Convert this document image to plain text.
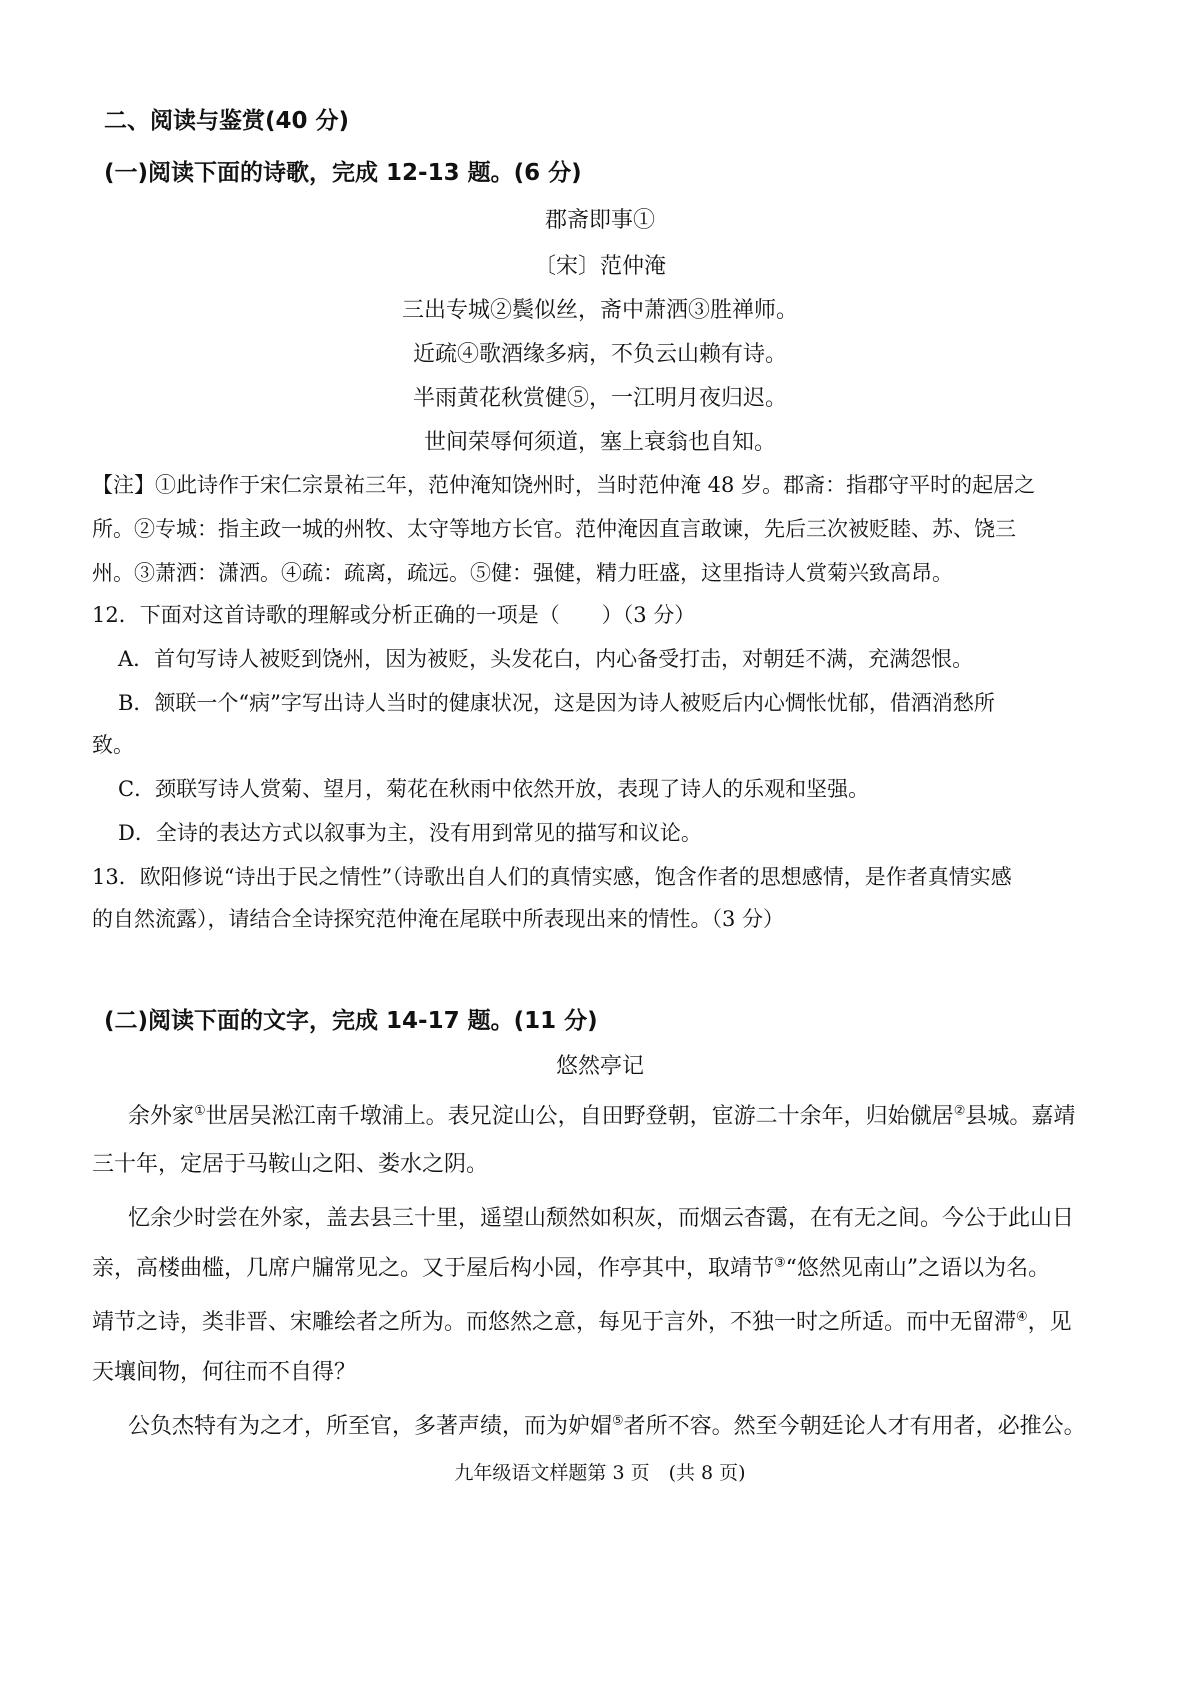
二、阅读与鉴赏(40 分)
(一)阅读下面的诗歌，完成 12-13 题。(6 分)
郡斋即事①
〔宋〕范仲淹
三出专城②鬓似丝，斋中萧洒③胜禅师。
近疏④歌酒缘多病，不负云山赖有诗。
半雨黄花秋赏健⑤，一江明月夜归迟。
世间荣辱何须道，塞上衰翁也自知。
【注】①此诗作于宋仁宗景祐三年，范仲淹知饶州时，当时范仲淹 48 岁。郡斋：指郡守平时的起居之
所。②专城：指主政一城的州牧、太守等地方长官。范仲淹因直言敢谏，先后三次被贬睦、苏、饶三
州。③萧洒：潇洒。④疏：疏离，疏远。⑤健：强健，精力旺盛，这里指诗人赏菊兴致高昂。
12．下面对这首诗歌的理解或分析正确的一项是（　　）（3 分）
A．首句写诗人被贬到饶州，因为被贬，头发花白，内心备受打击，对朝廷不满，充满怨恨。
B．颔联一个“病”字写出诗人当时的健康状况，这是因为诗人被贬后内心惆怅忧郁，借酒消愁所
致。
C．颈联写诗人赏菊、望月，菊花在秋雨中依然开放，表现了诗人的乐观和坚强。
D．全诗的表达方式以叙事为主，没有用到常见的描写和议论。
13．欧阳修说“诗出于民之情性”（诗歌出自人们的真情实感，饱含作者的思想感情，是作者真情实感
的自然流露），请结合全诗探究范仲淹在尾联中所表现出来的情性。（3 分）
(二)阅读下面的文字，完成 14-17 题。(11 分)
悠然亭记
余外家①世居吴淞江南千墩浦上。表兄淀山公，自田野登朝，宦游二十余年，归始僦居②县城。嘉靖
三十年，定居于马鞍山之阳、娄水之阴。
忆余少时尝在外家，盖去县三十里，遥望山颓然如积灰，而烟云杳霭，在有无之间。今公于此山日
亲，高楼曲槛，几席户牖常见之。又于屋后构小园，作亭其中，取靖节③“悠然见南山”之语以为名。
靖节之诗，类非晋、宋雕绘者之所为。而悠然之意，每见于言外，不独一时之所适。而中无留滞④，见
天壤间物，何往而不自得？
公负杰特有为之才，所至官，多著声绩，而为妒媢⑤者所不容。然至今朝廷论人才有用者，必推公。
九年级语文样题第 3 页　(共 8 页)
